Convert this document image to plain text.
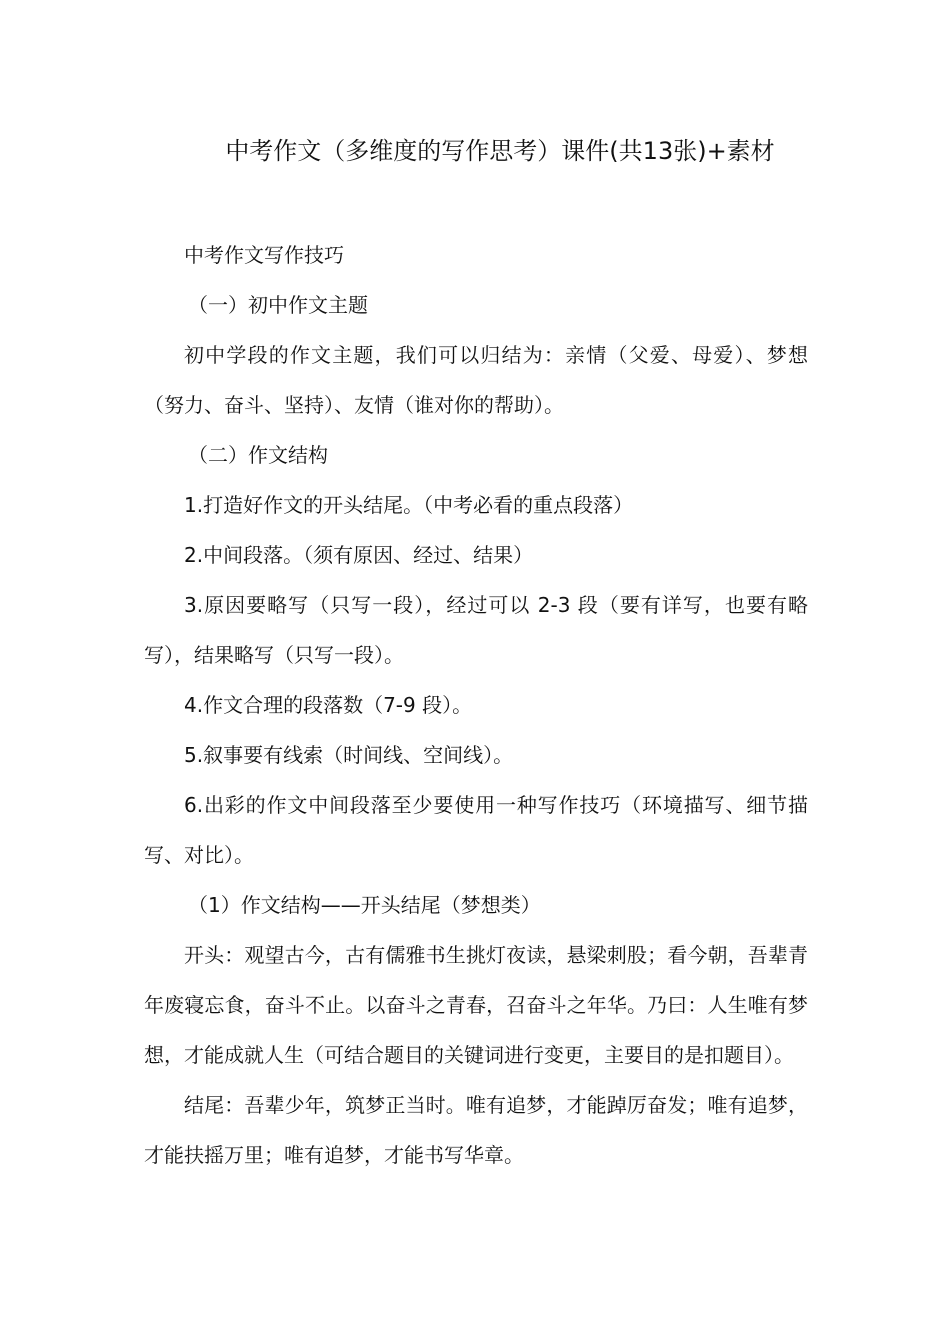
中考作文（多维度的写作思考）课件(共13张)+素材

中考作文写作技巧

（一）初中作文主题

初中学段的作文主题，我们可以归结为：亲情（父爱、母爱）、梦想（努力、奋斗、坚持）、友情（谁对你的帮助）。

（二）作文结构

1.打造好作文的开头结尾。（中考必看的重点段落）

2.中间段落。（须有原因、经过、结果）

3.原因要略写（只写一段），经过可以 2-3 段（要有详写，也要有略写），结果略写（只写一段）。

4.作文合理的段落数（7-9 段）。

5.叙事要有线索（时间线、空间线）。

6.出彩的作文中间段落至少要使用一种写作技巧（环境描写、细节描写、对比）。

（1）作文结构——开头结尾（梦想类）

开头：观望古今，古有儒雅书生挑灯夜读，悬梁刺股；看今朝，吾辈青年废寝忘食，奋斗不止。以奋斗之青春，召奋斗之年华。乃曰：人生唯有梦想，才能成就人生（可结合题目的关键词进行变更，主要目的是扣题目）。

结尾：吾辈少年，筑梦正当时。唯有追梦，才能踔厉奋发；唯有追梦，才能扶摇万里；唯有追梦，才能书写华章。
